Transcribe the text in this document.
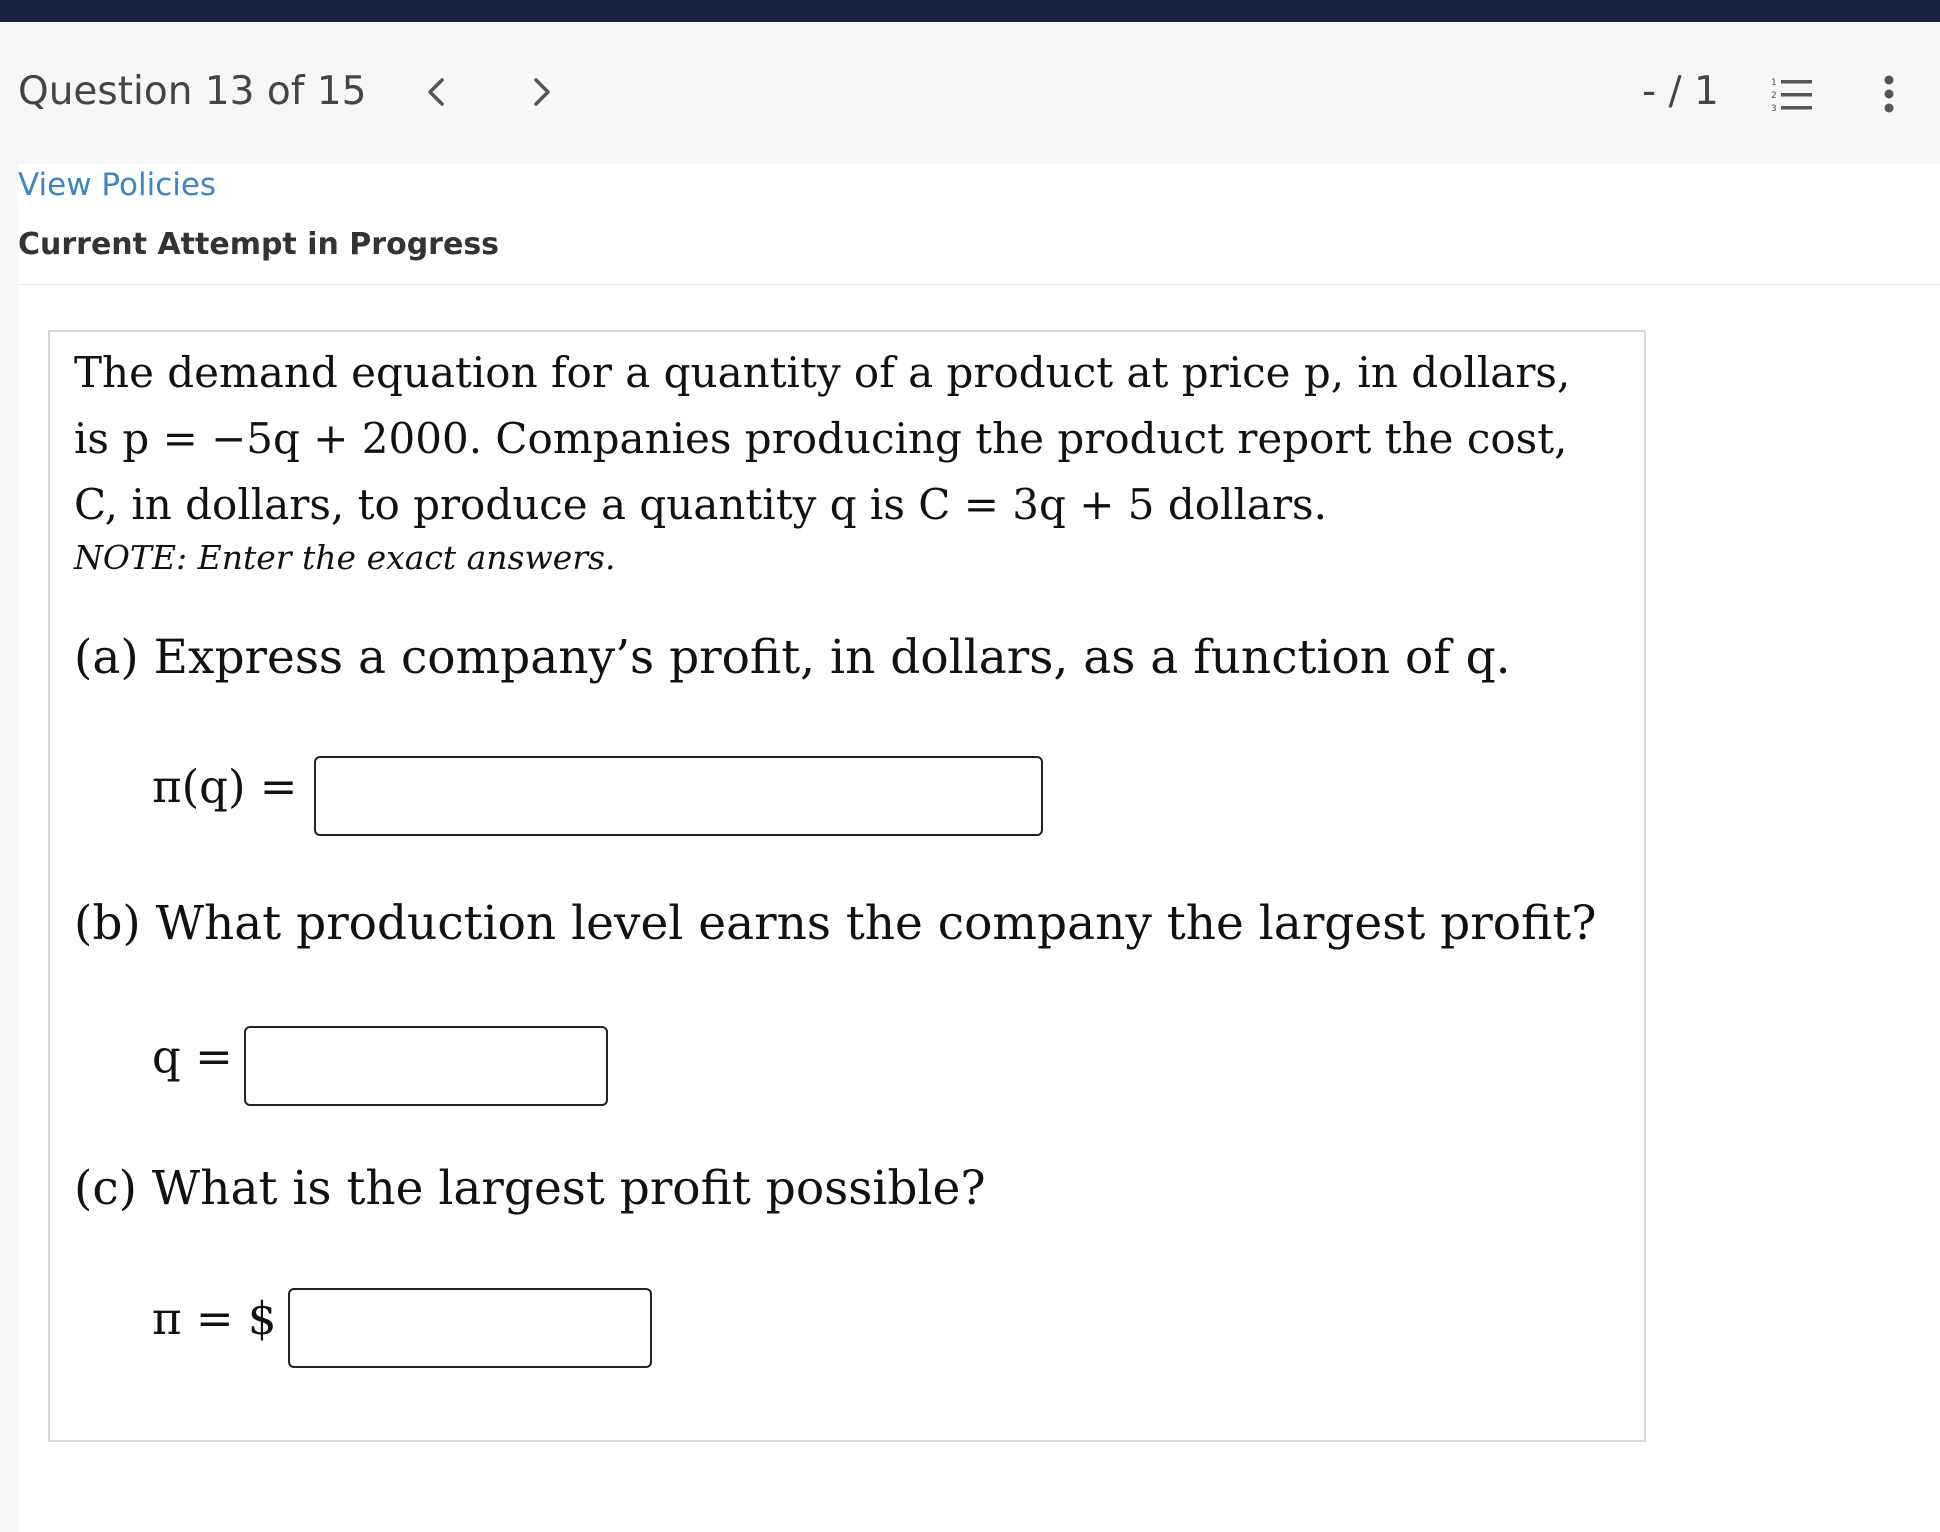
Question 13 of 15	- / 1	1
2
3
View Policies
Current Attempt in Progress
The demand equation for a quantity of a product at price p, in dollars,
is p = −5q + 2000. Companies producing the product report the cost,
C, in dollars, to produce a quantity q is C = 3q + 5 dollars.
NOTE: Enter the exact answers.
(a) Express a company’s profit, in dollars, as a function of q.
π(q) =
(b) What production level earns the company the largest profit?
q =
(c) What is the largest profit possible?
π = $
